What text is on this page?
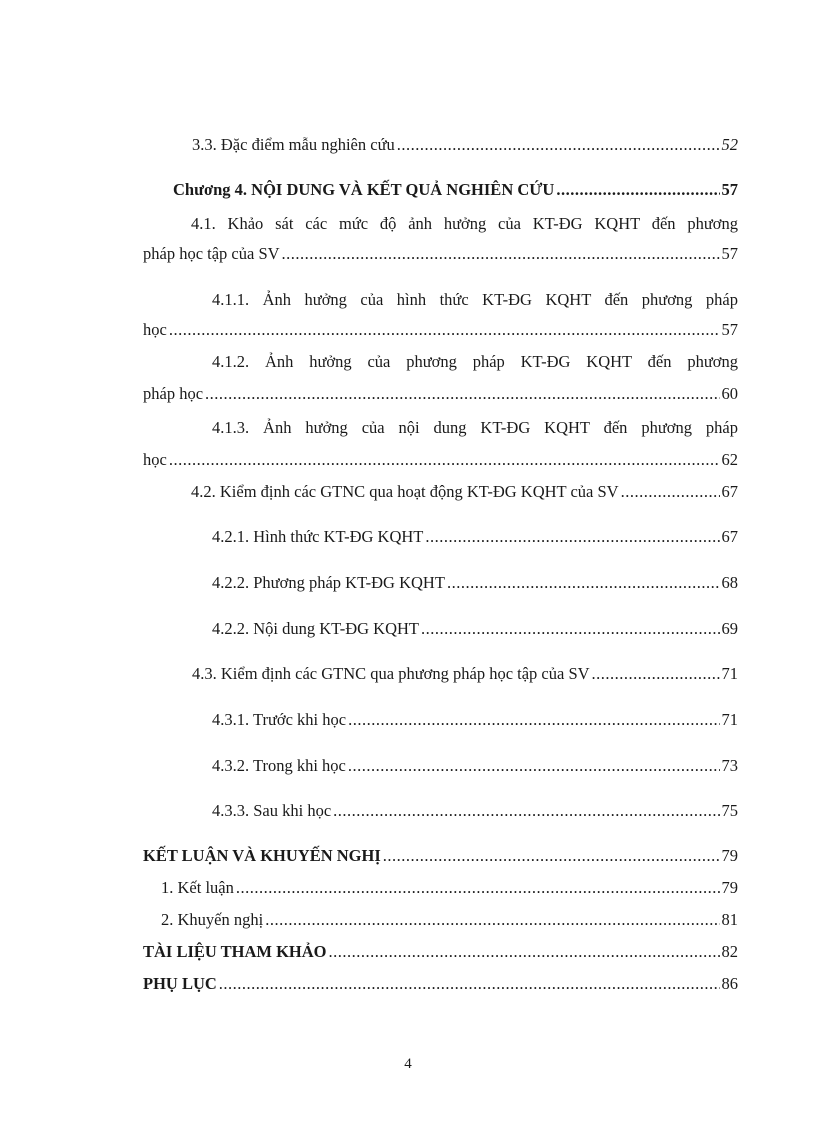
3.3. Đặc điểm mẫu nghiên cứu .....	52
Chương 4. NỘI DUNG VÀ KẾT QUẢ NGHIÊN CỨU .....	57
4.1. Khảo sát các mức độ ảnh hưởng của KT-ĐG KQHT đến phương
pháp học tập của SV .....	57
4.1.1. Ảnh hưởng của hình thức KT-ĐG KQHT đến phương pháp
học .....	57
4.1.2. Ảnh hưởng của phương pháp KT-ĐG KQHT đến phương
pháp học .....	60
4.1.3. Ảnh hưởng của nội dung KT-ĐG KQHT đến phương pháp
học .....	62
4.2. Kiểm định các GTNC qua hoạt động KT-ĐG KQHT của SV .....	67
4.2.1. Hình thức KT-ĐG KQHT .....	67
4.2.2. Phương pháp KT-ĐG KQHT .....	68
4.2.2. Nội dung KT-ĐG KQHT .....	69
4.3. Kiểm định các GTNC qua phương pháp học tập của SV .....	71
4.3.1. Trước khi học .....	71
4.3.2. Trong khi học .....	73
4.3.3. Sau khi học .....	75
KẾT LUẬN VÀ KHUYẾN NGHỊ .....	79
1. Kết luận .....	79
2. Khuyến nghị .....	81
TÀI LIỆU THAM KHẢO .....	82
PHỤ LỤC .....	86
4
